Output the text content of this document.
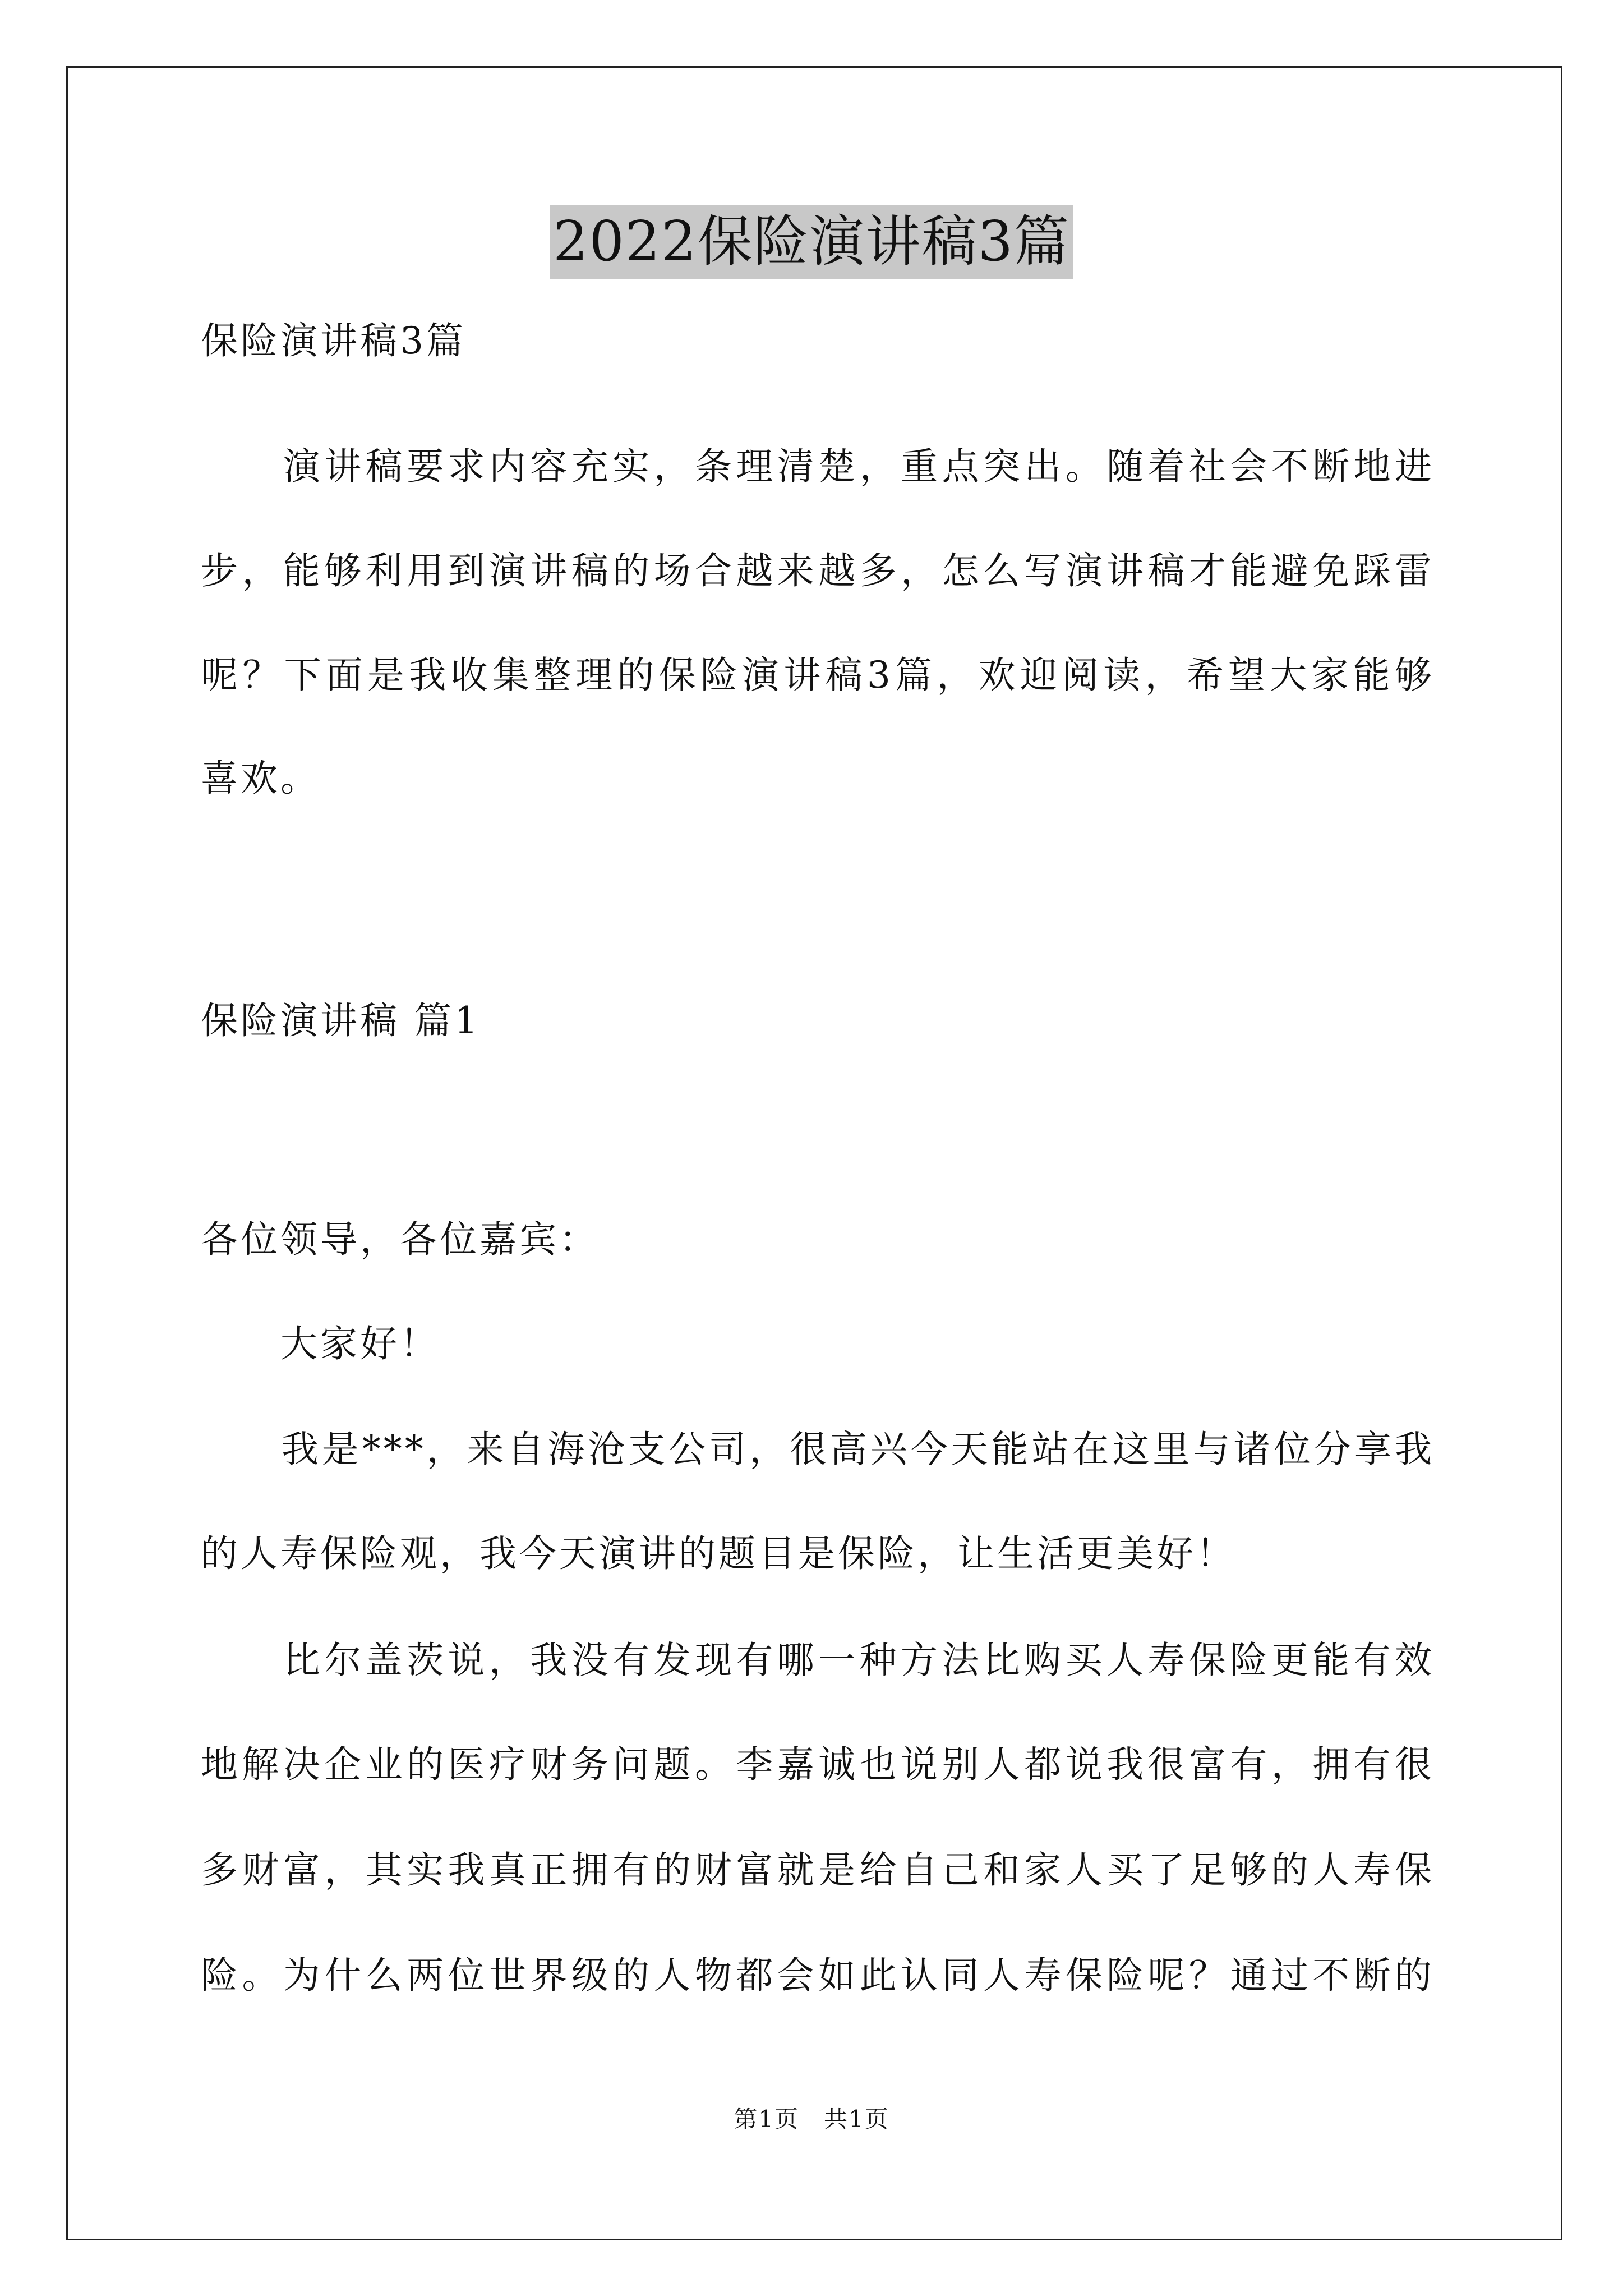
2022保险演讲稿3篇
保险演讲稿3篇
　　演讲稿要求内容充实，条理清楚，重点突出。随着社会不断地进
步，能够利用到演讲稿的场合越来越多，怎么写演讲稿才能避免踩雷
呢？下面是我收集整理的保险演讲稿3篇，欢迎阅读，希望大家能够
喜欢。
保险演讲稿 篇1
各位领导，各位嘉宾：
　　大家好！
　　我是***，来自海沧支公司，很高兴今天能站在这里与诸位分享我
的人寿保险观，我今天演讲的题目是保险，让生活更美好！
　　比尔盖茨说，我没有发现有哪一种方法比购买人寿保险更能有效
地解决企业的医疗财务问题。李嘉诚也说别人都说我很富有，拥有很
多财富，其实我真正拥有的财富就是给自己和家人买了足够的人寿保
险。为什么两位世界级的人物都会如此认同人寿保险呢？通过不断的
第1页　共1页
